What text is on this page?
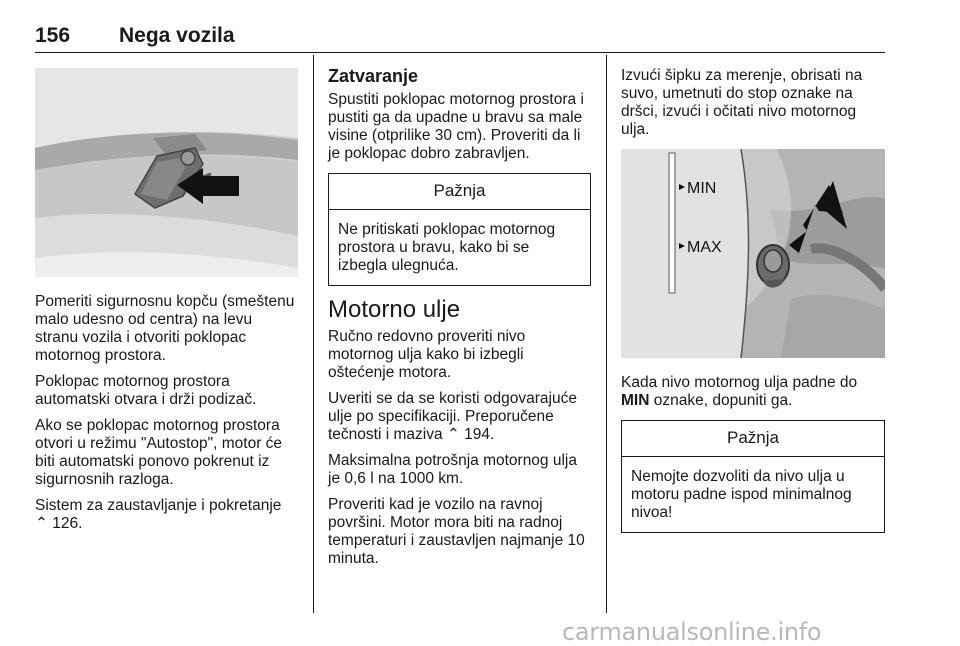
156 Nega vozila

Pomeriti sigurnosnu kopču (smeštenu malo udesno od centra) na levu stranu vozila i otvoriti poklopac motornog prostora.

Poklopac motornog prostora automatski otvara i drži podizač.

Ako se poklopac motornog prostora otvori u režimu "Autostop", motor će biti automatski ponovo pokrenut iz sigurnosnih razloga.

Sistem za zaustavljanje i pokretanje ⌃ 126.

Zatvaranje

Spustiti poklopac motornog prostora i pustiti ga da upadne u bravu sa male visine (otprilike 30 cm). Proveriti da li je poklopac dobro zabravljen.

Pažnja
Ne pritiskati poklopac motornog prostora u bravu, kako bi se izbegla ulegnuća.
Motorno ulje

Ručno redovno proveriti nivo motornog ulja kako bi izbegli oštećenje motora.

Uveriti se da se koristi odgovarajuće ulje po specifikaciji. Preporučene tečnosti i maziva ⌃ 194.

Maksimalna potrošnja motornog ulja je 0,6 l na 1000 km.

Proveriti kad je vozilo na ravnoj površini. Motor mora biti na radnoj temperaturi i zaustavljen najmanje 10 minuta.

Izvući šipku za merenje, obrisati na suvo, umetnuti do stop oznake na dršci, izvući i očitati nivo motornog ulja.

MIN
MAX

Kada nivo motornog ulja padne do
MIN oznake, dopuniti ga.

Pažnja
Nemojte dozvoliti da nivo ulja u motoru padne ispod minimalnog nivoa!
carmanualsonline.info
